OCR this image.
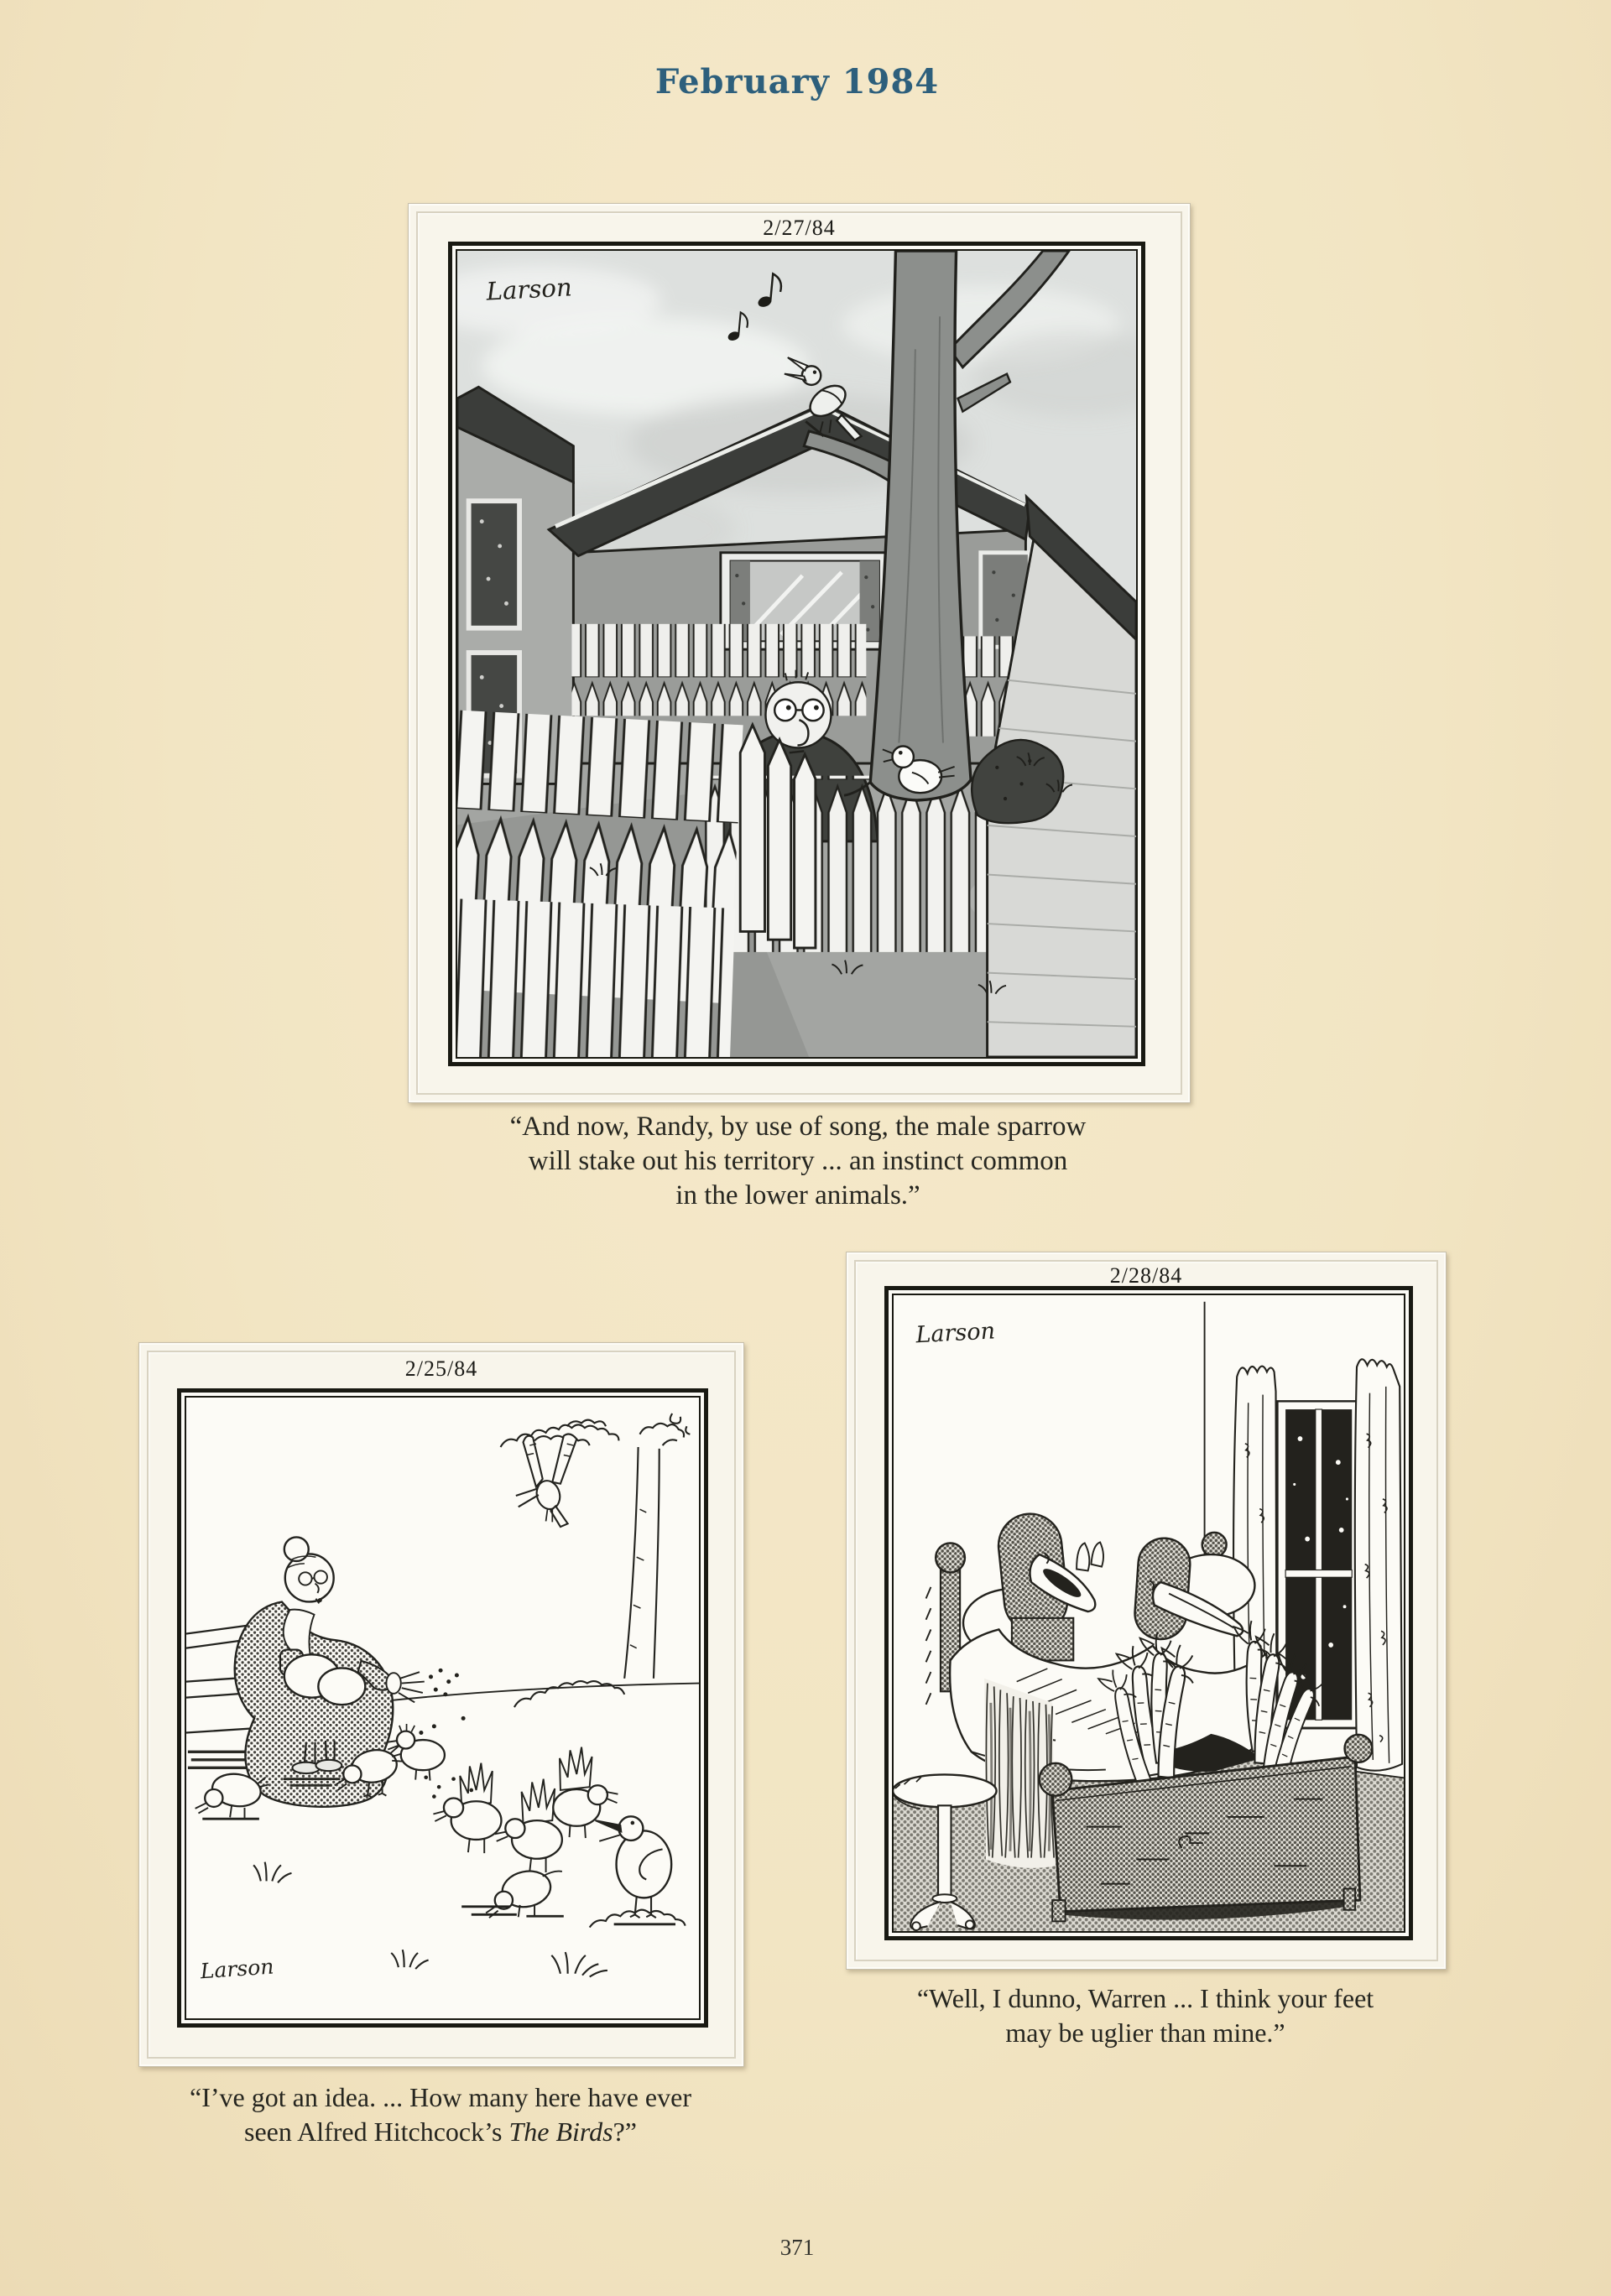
February 1984
2/27/84
Larson
“And now, Randy, by use of song, the male sparrow
will stake out his territory ... an instinct common
in the lower animals.”
2/25/84
Larson
“I’ve got an idea. ... How many here have ever
seen Alfred Hitchcock’s The Birds?”
2/28/84
Larson
“Well, I dunno, Warren ... I think your feet
may be uglier than mine.”
371
